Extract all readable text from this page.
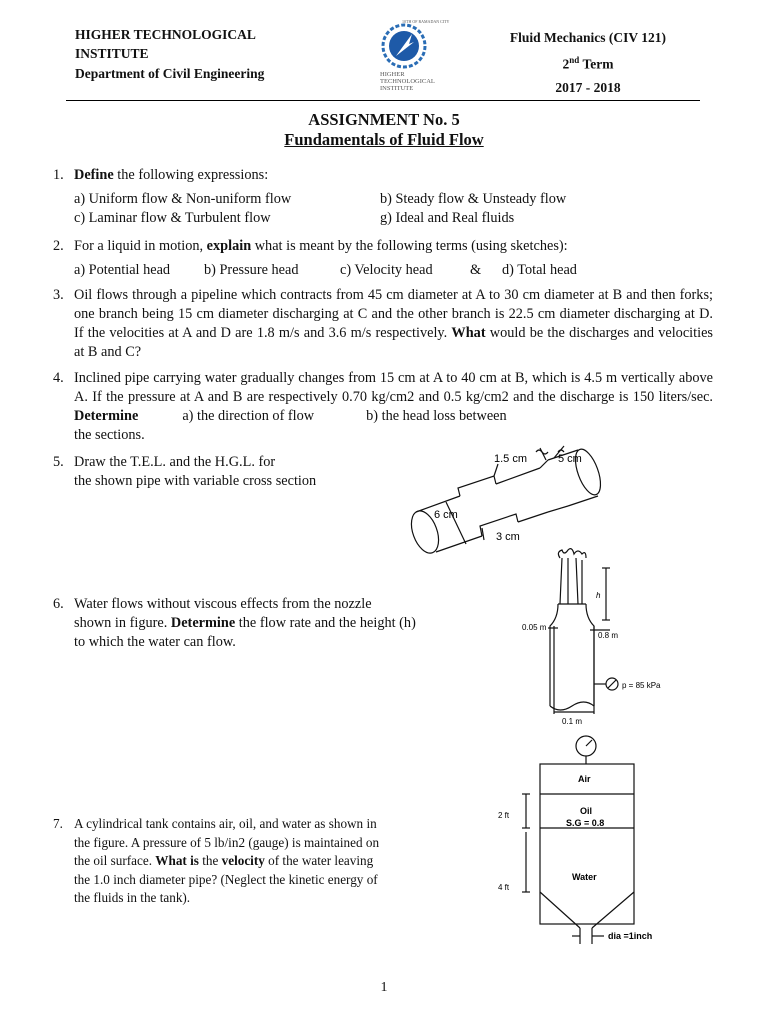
HIGHER TECHNOLOGICAL
INSTITUTE
Department of Civil Engineering
10TH OF RAMADAN CITY
HIGHER
TECHNOLOGICAL
INSTITUTE
Fluid Mechanics (CIV 121)
2nd Term
2017 - 2018
ASSIGNMENT No. 5
Fundamentals of Fluid Flow
1. Define the following expressions:
a) Uniform flow & Non-uniform flow	b) Steady flow & Unsteady flow
c) Laminar flow & Turbulent flow	g) Ideal and Real fluids
2. For a liquid in motion, explain what is meant by the following terms (using sketches):
a) Potential head b) Pressure head	c) Velocity head	& d) Total head
3. Oil flows through a pipeline which contracts from 45 cm diameter at A to 30 cm diameter at B and then forks; one branch being 15 cm diameter discharging at C and the other branch is 22.5 cm diameter discharging at D. If the velocities at A and D are 1.8 m/s and 3.6 m/s respectively. What would be the discharges and velocities at B and C?
4. Inclined pipe carrying water gradually changes from 15 cm at A to 40 cm at B, which is 4.5 m vertically above A. If the pressure at A and B are respectively 0.70 kg/cm2 and 0.5 kg/cm2 and the discharge is 150 liters/sec. Determine	a) the direction of flow	b) the head loss between
the sections.
5. Draw the T.E.L. and the H.G.L. for
the shown pipe with variable cross section
1.5 cm	5 cm
6 cm
3 cm
6. Water flows without viscous effects from the nozzle
shown in figure. Determine the flow rate and the height (h)
to which the water can flow.
h
0.05 m
0.8 m
p = 85 kPa
0.1 m
7. A cylindrical tank contains air, oil, and water as shown in
the figure. A pressure of 5 lb/in2 (gauge) is maintained on
the oil surface. What is the velocity of the water leaving
the 1.0 inch diameter pipe? (Neglect the kinetic energy of
the fluids in the tank).
Air
Oil
S.G = 0.8
Water
2 ft
4 ft
dia =1inch
1
